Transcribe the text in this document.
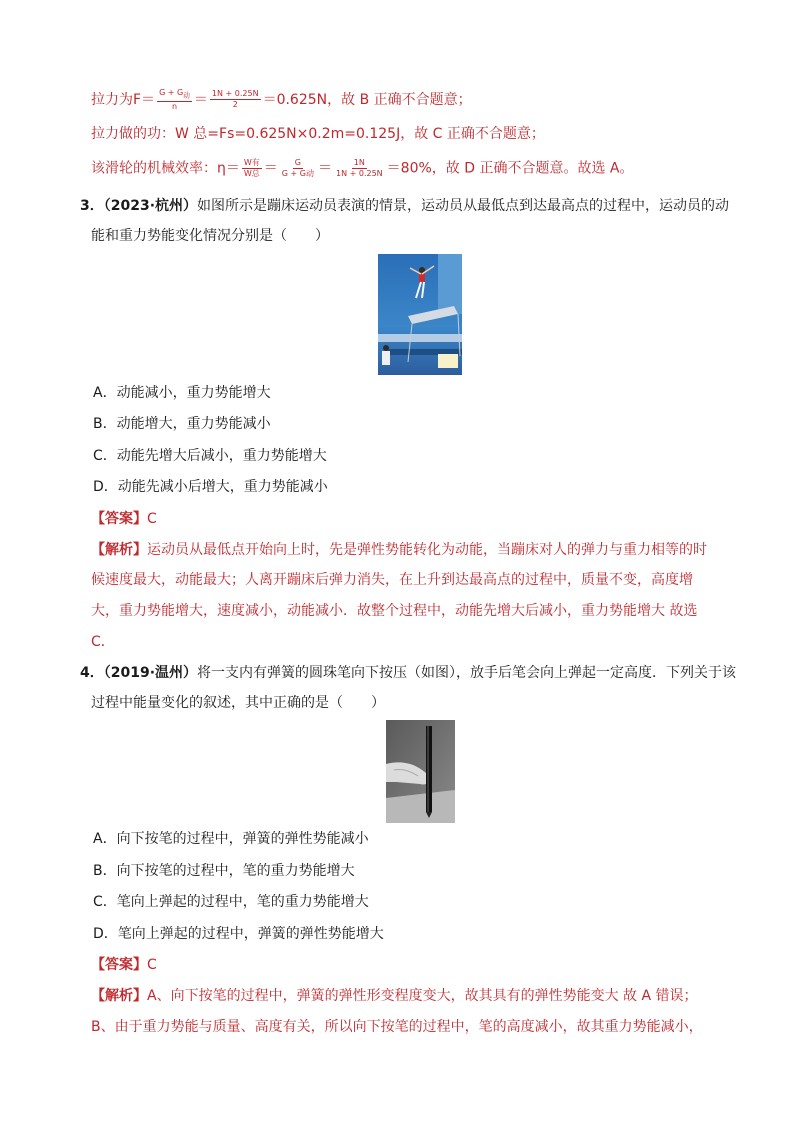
拉力为$F= \frac{G + G_动}{n} = \frac{1N + 0.25N}{2} =0.625N$，故 B 正确不合题意；
拉力做的功：W 总=Fs=0.625N×0.2m=0.125J，故 C 正确不合题意；
该滑轮的机械效率：$\eta= \frac{\text{W有}}{\text{W总}} = \frac{G}{\text{G + G动}} = \frac{1N}{1N + 0.25N} =80\%$，故 D 正确不合题意。故选 A。
3．（2023·杭州）如图所示是蹦床运动员表演的情景，运动员从最低点到达最高点的过程中，运动员的动
能和重力势能变化情况分别是（　　）
A．动能减小，重力势能增大
B．动能增大，重力势能减小
C．动能先增大后减小，重力势能增大
D．动能先减小后增大，重力势能减小
【答案】C
【解析】运动员从最低点开始向上时，先是弹性势能转化为动能，当蹦床对人的弹力与重力相等的时
候速度最大，动能最大；人离开蹦床后弹力消失，在上升到达最高点的过程中，质量不变，高度增
大，重力势能增大，速度减小，动能减小．故整个过程中，动能先增大后减小，重力势能增大 故选
C．
4．（2019·温州）将一支内有弹簧的圆珠笔向下按压（如图），放手后笔会向上弹起一定高度．下列关于该
过程中能量变化的叙述，其中正确的是（　　）
A．向下按笔的过程中，弹簧的弹性势能减小
B．向下按笔的过程中，笔的重力势能增大
C．笔向上弹起的过程中，笔的重力势能增大
D．笔向上弹起的过程中，弹簧的弹性势能增大
【答案】C
【解析】A、向下按笔的过程中，弹簧的弹性形变程度变大，故其具有的弹性势能变大 故 A 错误；
B、由于重力势能与质量、高度有关，所以向下按笔的过程中，笔的高度减小，故其重力势能减小，
